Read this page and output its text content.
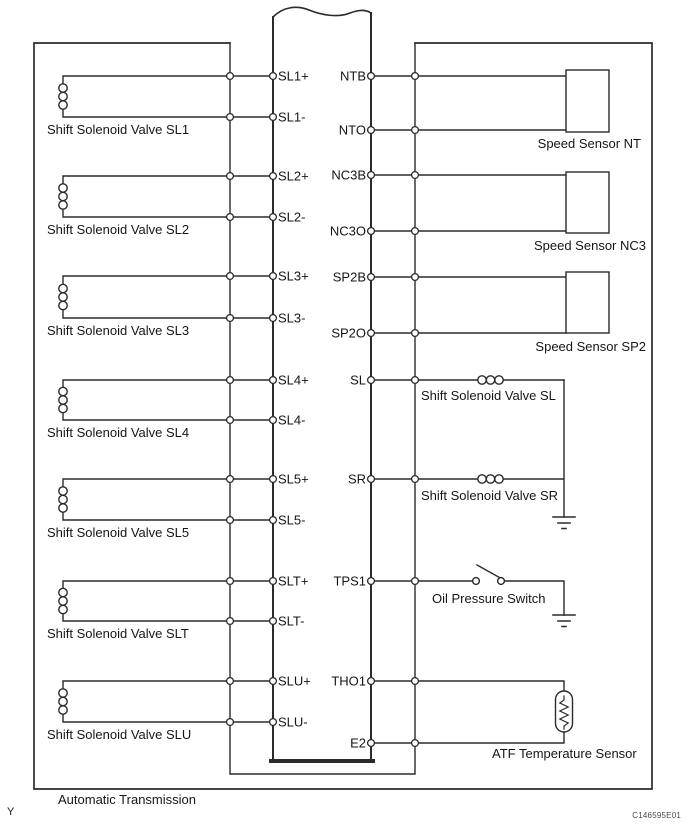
SL1+
SL1-
SL2+
SL2-
SL3+
SL3-
SL4+
SL4-
SL5+
SL5-
SLT+
SLT-
SLU+
SLU-
NTB
NTO
NC3B
NC3O
SP2B
SP2O
SL
SR
TPS1
THO1
E2
Shift Solenoid Valve SL1
Shift Solenoid Valve SL2
Shift Solenoid Valve SL3
Shift Solenoid Valve SL4
Shift Solenoid Valve SL5
Shift Solenoid Valve SLT
Shift Solenoid Valve SLU
Speed Sensor NT
Speed Sensor NC3
Speed Sensor SP2
Shift Solenoid Valve SL
Shift Solenoid Valve SR
Oil Pressure Switch
ATF Temperature Sensor
Automatic Transmission
Y	C146595E01
